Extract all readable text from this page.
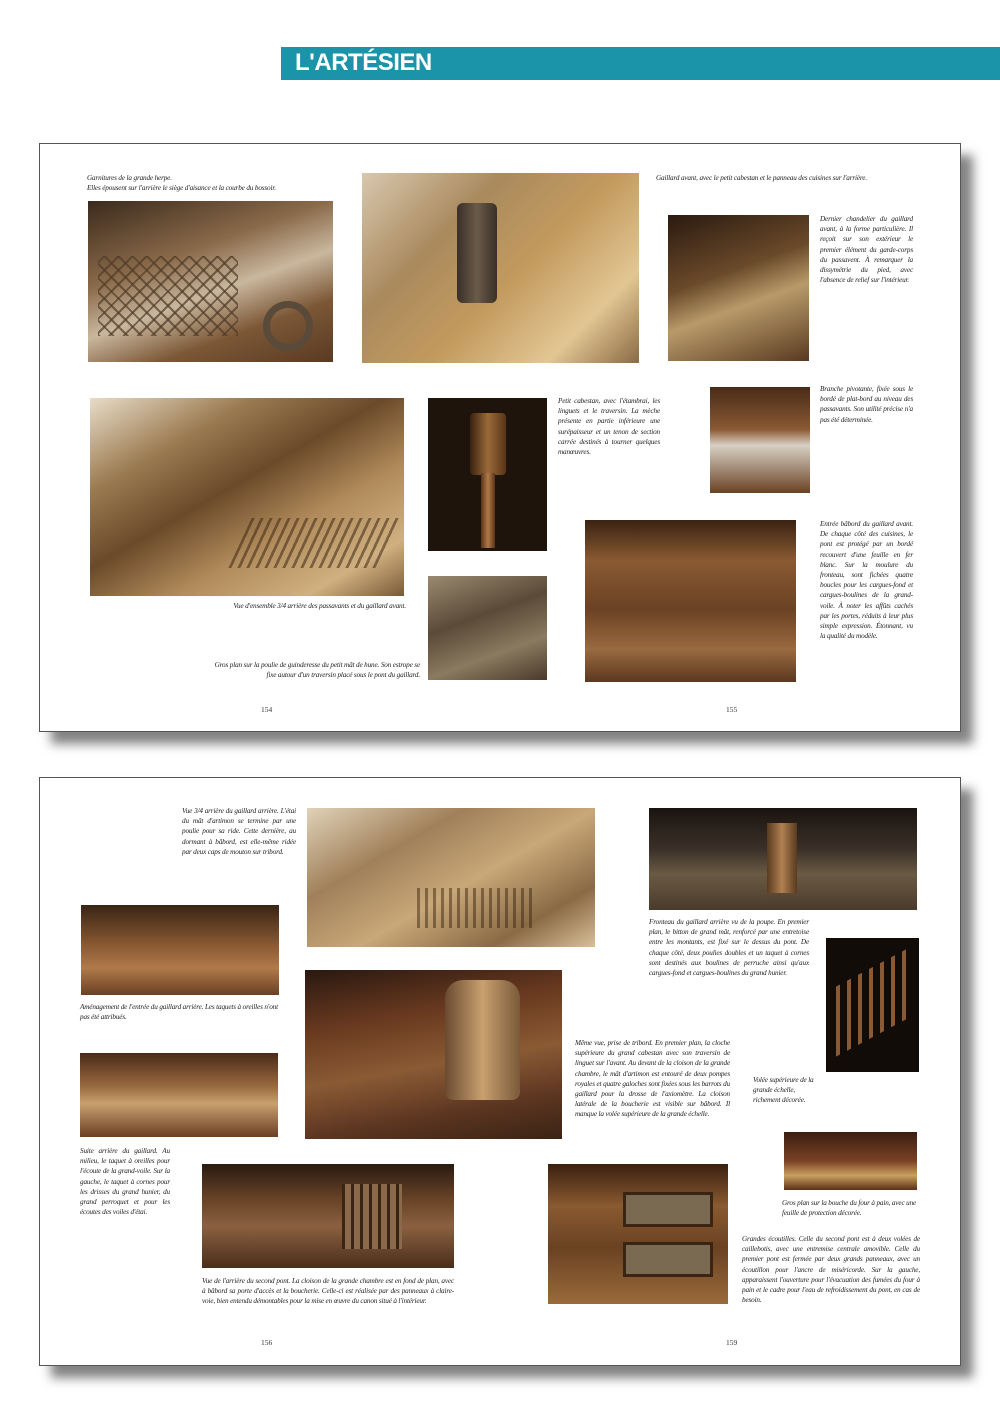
L'ARTÉSIEN
Garnitures de la grande herpe.
Elles épousent sur l'arrière le siège d'aisance et la courbe du bossoir.
Gaillard avant, avec le petit cabestan et le panneau des cuisines sur l'arrière.
Dernier chandelier du gaillard avant, à la forme particulière. Il reçoit sur son extérieur le premier élément du garde-corps du passavent. À remarquer la dissymétrie du pied, avec l'absence de relief sur l'intérieur.
Vue d'ensemble 3/4 arrière des passavants et du gaillard avant.
Petit cabestan, avec l'étambrai, les linguets et le traversin. La mèche présente en partie inférieure une surépaisseur et un tenon de section carrée destinés à tourner quelques manœuvres.
Branche pivotante, fixée sous le bordé de plat-bord au niveau des passavants. Son utilité précise n'a pas été déterminée.
Entrée bâbord du gaillard avant. De chaque côté des cuisines, le pont est protégé par un bordé recouvert d'une feuille en fer blanc. Sur la moulure du fronteau, sont fichées quatre boucles pour les cargues-fond et cargues-boulines de la grand-voile. À noter les affûts cachés par les portes, réduits à leur plus simple expression. Étonnant, vu la qualité du modèle.
Gros plan sur la poulie de guinderesse du petit mât de hune. Son estrope se fixe autour d'un traversin placé sous le pont du gaillard.
154	155
Vue 3/4 arrière du gaillard arrière. L'étai du mât d'artimon se termine par une poulie pour sa ride. Cette dernière, au dormant à bâbord, est elle-même ridée par deux caps de mouton sur tribord.
Fronteau du gaillard arrière vu de la poupe. En premier plan, le bitton de grand mât, renforcé par une entretoise entre les montants, est fixé sur le dessus du pont. De chaque côté, deux poulies doubles et un taquet à cornes sont destinés aux boulines de perruche ainsi qu'aux cargues-fond et cargues-boulines du grand hunier.
Aménagement de l'entrée du gaillard arrière. Les taquets à oreilles n'ont pas été attribués.
Volée supérieure de la grande échelle, richement décorée.
Même vue, prise de tribord. En premier plan, la cloche supérieure du grand cabestan avec son traversin de linguet sur l'avant. Au devant de la cloison de la grande chambre, le mât d'artimon est entouré de deux pompes royales et quatre galoches sont fixées sous les barrots du gaillard pour la drosse de l'axiomètre. La cloison latérale de la boucherie est visible sur bâbord. Il manque la volée supérieure de la grande échelle.
Suite arrière du gaillard. Au milieu, le taquet à oreilles pour l'écoute de la grand-voile. Sur la gauche, le taquet à cornes pour les drisses du grand hunier, du grand perroquet et pour les écoutes des voiles d'étai.
Gros plan sur la bouche du four à pain, avec une feuille de protection décorée.
Vue de l'arrière du second pont. La cloison de la grande chambre est en fond de plan, avec à bâbord sa porte d'accès et la boucherie. Celle-ci est réalisée par des panneaux à claire-voie, bien entendu démontables pour la mise en œuvre du canon situé à l'intérieur.
Grandes écoutilles. Celle du second pont est à deux volées de caillebotis, avec une entremise centrale amovible. Celle du premier pont est fermée par deux grands panneaux, avec un écoutillon pour l'ancre de miséricorde. Sur la gauche, apparaissent l'ouverture pour l'évacuation des fumées du four à pain et le cadre pour l'eau de refroidissement du pont, en cas de besoin.
156	159
